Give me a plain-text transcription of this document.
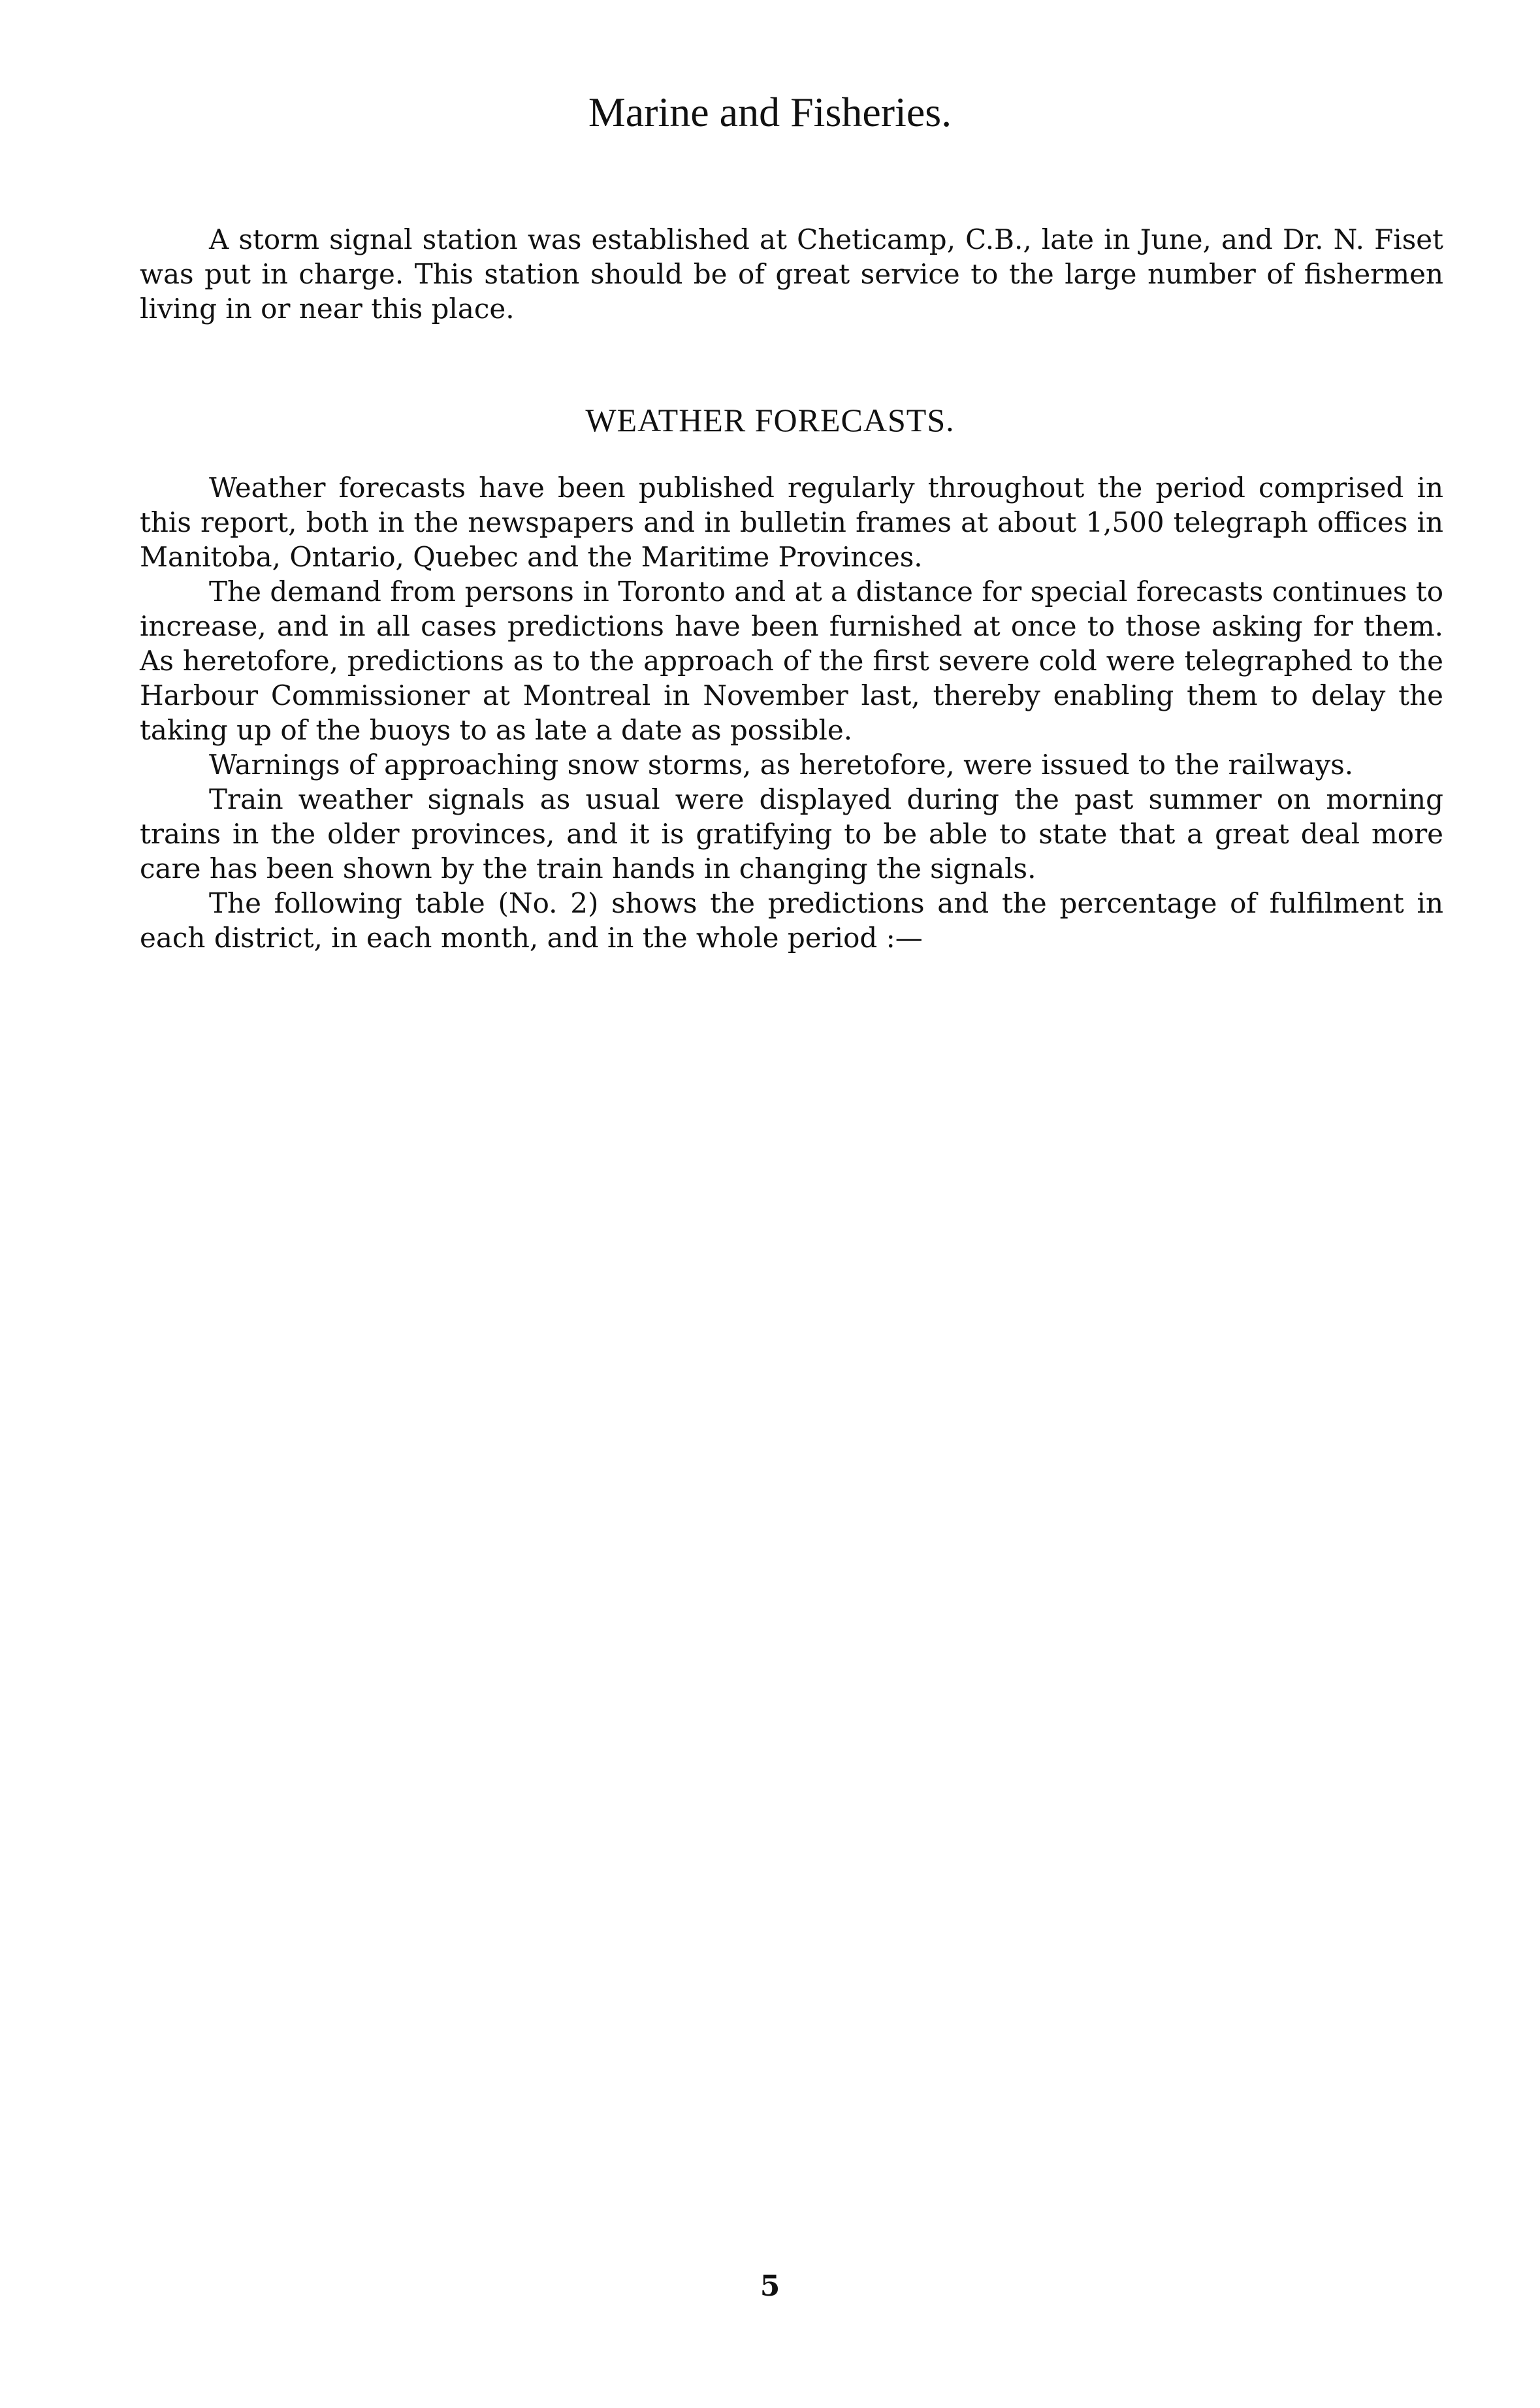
Marine and Fisheries.

A storm signal station was established at Cheticamp, C.B., late in June, and Dr. N. Fiset was put in charge. This station should be of great service to the large number of fishermen living in or near this place.

WEATHER FORECASTS.

Weather forecasts have been published regularly throughout the period comprised in this report, both in the newspapers and in bulletin frames at about 1,500 telegraph offices in Manitoba, Ontario, Quebec and the Maritime Provinces.

The demand from persons in Toronto and at a distance for special forecasts continues to increase, and in all cases predictions have been furnished at once to those asking for them. As heretofore, predictions as to the approach of the first severe cold were telegraphed to the Harbour Commissioner at Montreal in November last, thereby enabling them to delay the taking up of the buoys to as late a date as possible.

Warnings of approaching snow storms, as heretofore, were issued to the railways.

Train weather signals as usual were displayed during the past summer on morning trains in the older provinces, and it is gratifying to be able to state that a great deal more care has been shown by the train hands in changing the signals.

The following table (No. 2) shows the predictions and the percentage of fulfilment in each district, in each month, and in the whole period :—

5
